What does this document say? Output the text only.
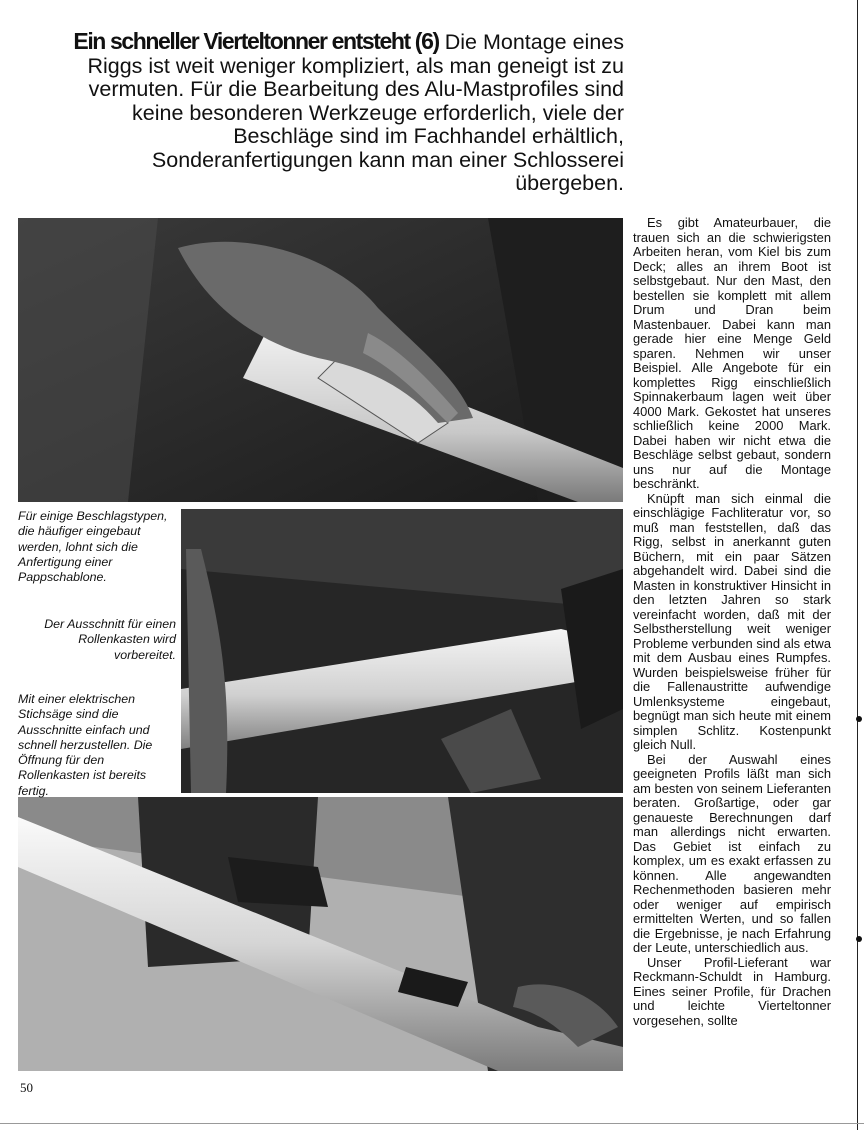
Ein schneller Vierteltonner entsteht (6) Die Montage eines Riggs ist weit weniger kompliziert, als man geneigt ist zu vermuten. Für die Bearbeitung des Alu-Mastprofiles sind keine besonderen Werkzeuge erforderlich, viele der Beschläge sind im Fachhandel erhältlich, Sonderanfertigungen kann man einer Schlosserei übergeben.

Für einige Beschlagstypen, die häufiger eingebaut werden, lohnt sich die Anfertigung einer Pappschablone.

Der Ausschnitt für einen Rollenkasten wird vorbereitet.

Mit einer elektrischen Stichsäge sind die Ausschnitte einfach und schnell herzustellen. Die Öffnung für den Rollenkasten ist bereits fertig.

Es gibt Amateurbauer, die trauen sich an die schwierigsten Arbeiten heran, vom Kiel bis zum Deck; alles an ihrem Boot ist selbstgebaut. Nur den Mast, den bestellen sie komplett mit allem Drum und Dran beim Mastenbauer. Dabei kann man gerade hier eine Menge Geld sparen. Nehmen wir unser Beispiel. Alle Angebote für ein komplettes Rigg einschließlich Spinnakerbaum lagen weit über 4000 Mark. Gekostet hat unseres schließlich keine 2000 Mark. Dabei haben wir nicht etwa die Beschläge selbst gebaut, sondern uns nur auf die Montage beschränkt.

Knüpft man sich einmal die einschlägige Fachliteratur vor, so muß man feststellen, daß das Rigg, selbst in anerkannt guten Büchern, mit ein paar Sätzen abgehandelt wird. Dabei sind die Masten in konstruktiver Hinsicht in den letzten Jahren so stark vereinfacht worden, daß mit der Selbstherstellung weit weniger Probleme verbunden sind als etwa mit dem Ausbau eines Rumpfes. Wurden beispielsweise früher für die Fallenaustritte aufwendige Umlenksysteme eingebaut, begnügt man sich heute mit einem simplen Schlitz. Kostenpunkt gleich Null.

Bei der Auswahl eines geeigneten Profils läßt man sich am besten von seinem Lieferanten beraten. Großartige, oder gar genaueste Berechnungen darf man allerdings nicht erwarten. Das Gebiet ist einfach zu komplex, um es exakt erfassen zu können. Alle angewandten Rechenmethoden basieren mehr oder weniger auf empirisch ermittelten Werten, und so fallen die Ergebnisse, je nach Erfahrung der Leute, unterschiedlich aus.

Unser Profil-Lieferant war Reckmann-Schuldt in Hamburg. Eines seiner Profile, für Drachen und leichte Vierteltonner vorgesehen, sollte

50
